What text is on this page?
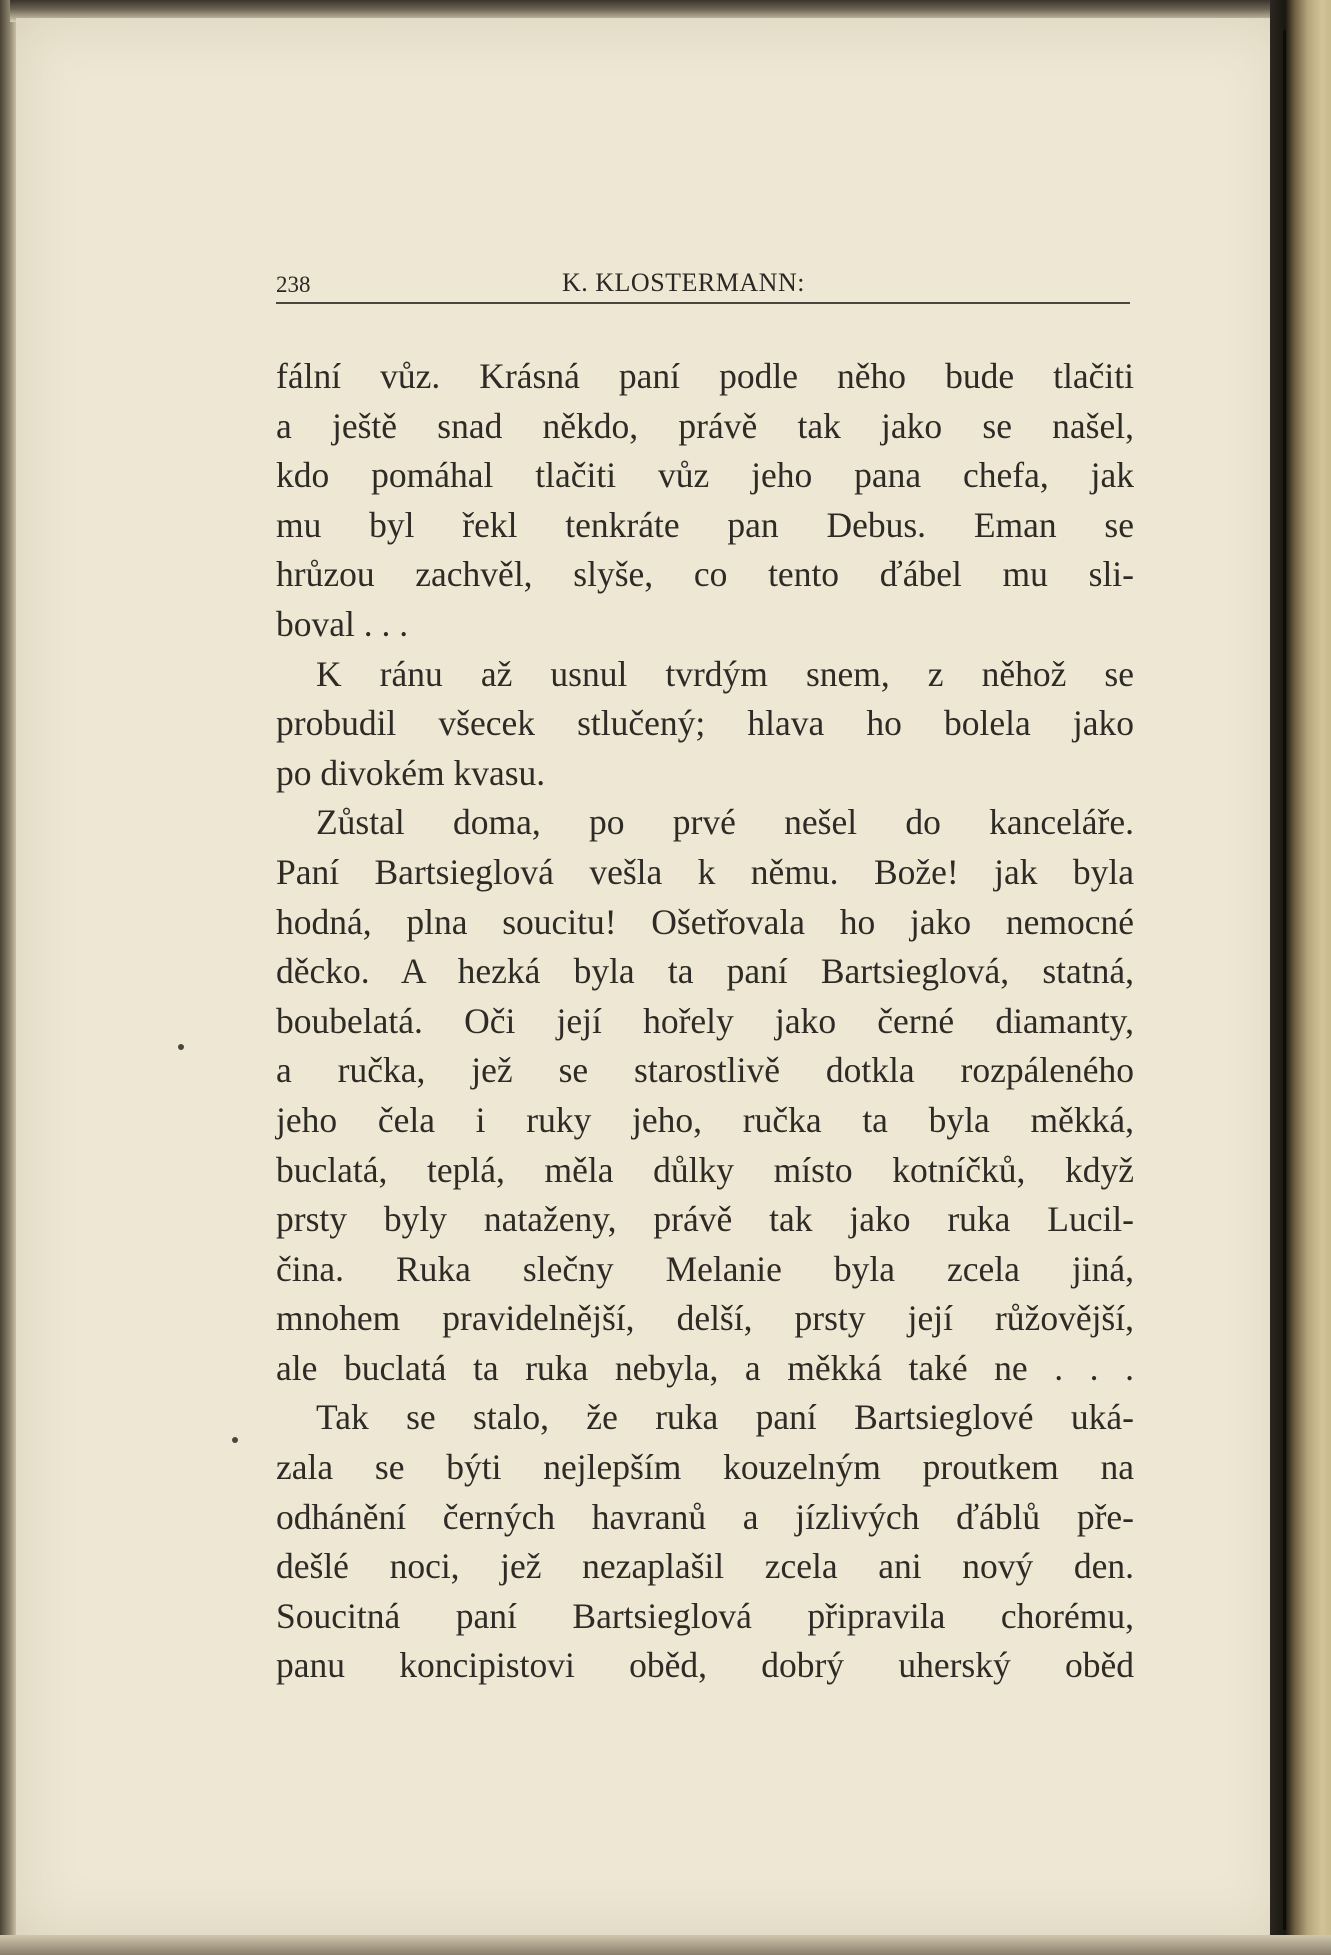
238	K. KLOSTERMANN:
fální vůz. Krásná paní podle něho bude tlačiti
a ještě snad někdo, právě tak jako se našel,
kdo pomáhal tlačiti vůz jeho pana chefa, jak
mu byl řekl tenkráte pan Debus. Eman se
hrůzou zachvěl, slyše, co tento ďábel mu sli-
boval . . .
K ránu až usnul tvrdým snem, z něhož se
probudil všecek stlučený; hlava ho bolela jako
po divokém kvasu.
Zůstal doma, po prvé nešel do kanceláře.
Paní Bartsieglová vešla k němu. Bože! jak byla
hodná, plna soucitu! Ošetřovala ho jako nemocné
děcko. A hezká byla ta paní Bartsieglová, statná,
boubelatá. Oči její hořely jako černé diamanty,
a ručka, jež se starostlivě dotkla rozpáleného
jeho čela i ruky jeho, ručka ta byla měkká,
buclatá, teplá, měla důlky místo kotníčků, když
prsty byly nataženy, právě tak jako ruka Lucil-
čina. Ruka slečny Melanie byla zcela jiná,
mnohem pravidelnější, delší, prsty její růžovější,
ale buclatá ta ruka nebyla, a měkká také ne . . .
Tak se stalo, že ruka paní Bartsieglové uká-
zala se býti nejlepším kouzelným proutkem na
odhánění černých havranů a jízlivých ďáblů pře-
dešlé noci, jež nezaplašil zcela ani nový den.
Soucitná paní Bartsieglová připravila chorému,
panu koncipistovi oběd, dobrý uherský oběd
